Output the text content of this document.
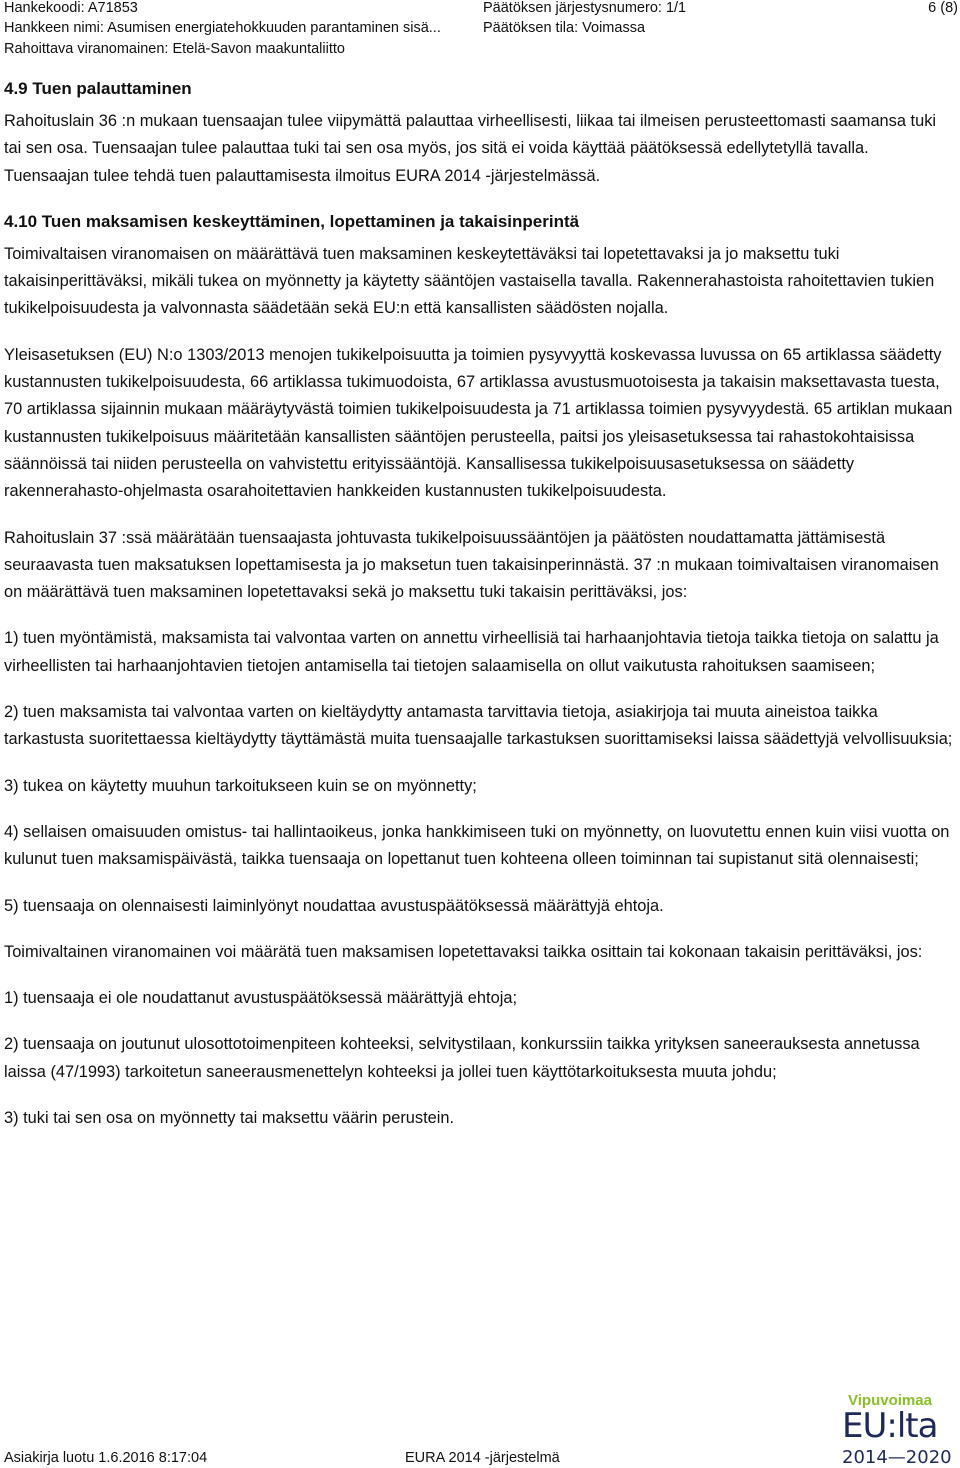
Hankekoodi: A71853
Hankkeen nimi: Asumisen energiatehokkuuden parantaminen sisä...
Rahoittava viranomainen: Etelä-Savon maakuntaliitto
Päätöksen järjestysnumero: 1/1
Päätöksen tila: Voimassa
6 (8)
4.9 Tuen palauttaminen

Rahoituslain 36 :n mukaan tuensaajan tulee viipymättä palauttaa virheellisesti, liikaa tai ilmeisen perusteettomasti saamansa tuki tai sen osa. Tuensaajan tulee palauttaa tuki tai sen osa myös, jos sitä ei voida käyttää päätöksessä edellytetyllä tavalla. Tuensaajan tulee tehdä tuen palauttamisesta ilmoitus EURA 2014 -järjestelmässä.

4.10 Tuen maksamisen keskeyttäminen, lopettaminen ja takaisinperintä

Toimivaltaisen viranomaisen on määrättävä tuen maksaminen keskeytettäväksi tai lopetettavaksi ja jo maksettu tuki takaisinperittäväksi, mikäli tukea on myönnetty ja käytetty sääntöjen vastaisella tavalla. Rakennerahastoista rahoitettavien tukien tukikelpoisuudesta ja valvonnasta säädetään sekä EU:n että kansallisten säädösten nojalla.

Yleisasetuksen (EU) N:o 1303/2013 menojen tukikelpoisuutta ja toimien pysyvyyttä koskevassa luvussa on 65 artiklassa säädetty kustannusten tukikelpoisuudesta, 66 artiklassa tukimuodoista, 67 artiklassa avustusmuotoisesta ja takaisin maksettavasta tuesta, 70 artiklassa sijainnin mukaan määräytyvästä toimien tukikelpoisuudesta ja 71 artiklassa toimien pysyvyydestä. 65 artiklan mukaan kustannusten tukikelpoisuus määritetään kansallisten sääntöjen perusteella, paitsi jos yleisasetuksessa tai rahastokohtaisissa säännöissä tai niiden perusteella on vahvistettu erityissääntöjä. Kansallisessa tukikelpoisuusasetuksessa on säädetty rakennerahasto-ohjelmasta osarahoitettavien hankkeiden kustannusten tukikelpoisuudesta.

Rahoituslain 37 :ssä määrätään tuensaajasta johtuvasta tukikelpoisuussääntöjen ja päätösten noudattamatta jättämisestä seuraavasta tuen maksatuksen lopettamisesta ja jo maksetun tuen takaisinperinnästä. 37 :n mukaan toimivaltaisen viranomaisen on määrättävä tuen maksaminen lopetettavaksi sekä jo maksettu tuki takaisin perittäväksi, jos:

1) tuen myöntämistä, maksamista tai valvontaa varten on annettu virheellisiä tai harhaanjohtavia tietoja taikka tietoja on salattu ja virheellisten tai harhaanjohtavien tietojen antamisella tai tietojen salaamisella on ollut vaikutusta rahoituksen saamiseen;

2) tuen maksamista tai valvontaa varten on kieltäydytty antamasta tarvittavia tietoja, asiakirjoja tai muuta aineistoa taikka tarkastusta suoritettaessa kieltäydytty täyttämästä muita tuensaajalle tarkastuksen suorittamiseksi laissa säädettyjä velvollisuuksia;

3) tukea on käytetty muuhun tarkoitukseen kuin se on myönnetty;

4) sellaisen omaisuuden omistus- tai hallintaoikeus, jonka hankkimiseen tuki on myönnetty, on luovutettu ennen kuin viisi vuotta on kulunut tuen maksamispäivästä, taikka tuensaaja on lopettanut tuen kohteena olleen toiminnan tai supistanut sitä olennaisesti;

5) tuensaaja on olennaisesti laiminlyönyt noudattaa avustuspäätöksessä määrättyjä ehtoja.

Toimivaltainen viranomainen voi määrätä tuen maksamisen lopetettavaksi taikka osittain tai kokonaan takaisin perittäväksi, jos:

1) tuensaaja ei ole noudattanut avustuspäätöksessä määrättyjä ehtoja;

2) tuensaaja on joutunut ulosottotoimenpiteen kohteeksi, selvitystilaan, konkurssiin taikka yrityksen saneerauksesta annetussa laissa (47/1993) tarkoitetun saneerausmenettelyn kohteeksi ja jollei tuen käyttötarkoituksesta muuta johdu;

3) tuki tai sen osa on myönnetty tai maksettu väärin perustein.

Asiakirja luotu 1.6.2016 8:17:04	EURA 2014 -järjestelmä
Vipuvoimaa
EU:lta
2014—2020
